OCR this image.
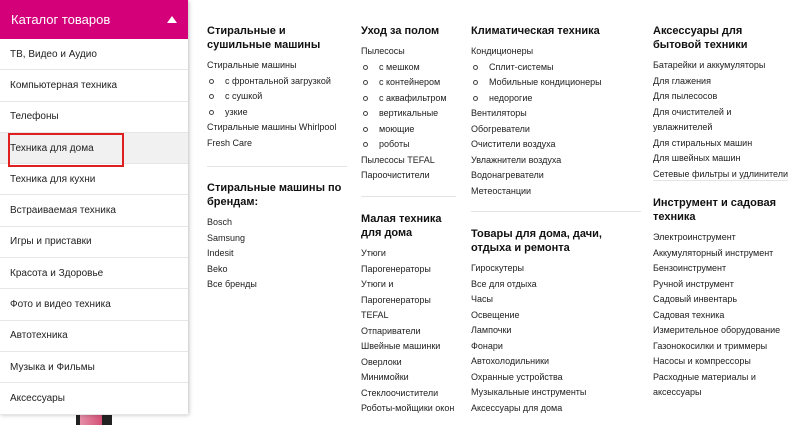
Каталог товаров
ТВ, Видео и Аудио
Компьютерная техника
Телефоны
Техника для дома
Техника для кухни
Встраиваемая техника
Игры и приставки
Красота и Здоровье
Фото и видео техника
Автотехника
Музыка и Фильмы
Аксессуары
Стиральные и сушильные машины
Стиральные машины
с фронтальной загрузкой
с сушкой
узкие
Стиральные машины Whirlpool Fresh Care
Стиральные машины по брендам:
Bosch
Samsung
Indesit
Beko
Все бренды
Уход за полом
Пылесосы
с мешком
с контейнером
с аквафильтром
вертикальные
моющие
роботы
Пылесосы TEFAL
Пароочистители
Малая техника для дома
Утюги
Парогенераторы
Утюги и Парогенераторы TEFAL
Отпариватели
Швейные машинки
Оверлоки
Минимойки
Стеклоочистители
Роботы-мойщики окон
Климатическая техника
Кондиционеры
Сплит-системы
Мобильные кондиционеры
недорогие
Вентиляторы
Обогреватели
Очистители воздуха
Увлажнители воздуха
Водонагреватели
Метеостанции
Товары для дома, дачи, отдыха и ремонта
Гироскутеры
Все для отдыха
Часы
Освещение
Лампочки
Фонари
Автохолодильники
Охранные устройства
Музыкальные инструменты
Аксессуары для дома
Аксессуары для бытовой техники
Батарейки и аккумуляторы
Для глажения
Для пылесосов
Для очистителей и увлажнителей
Для стиральных машин
Для швейных машин
Сетевые фильтры и удлинители
Инструмент и садовая техника
Электроинструмент
Аккумуляторный инструмент
Бензоинструмент
Ручной инструмент
Садовый инвентарь
Садовая техника
Измерительное оборудование
Газонокосилки и триммеры
Насосы и компрессоры
Расходные материалы и аксессуары
